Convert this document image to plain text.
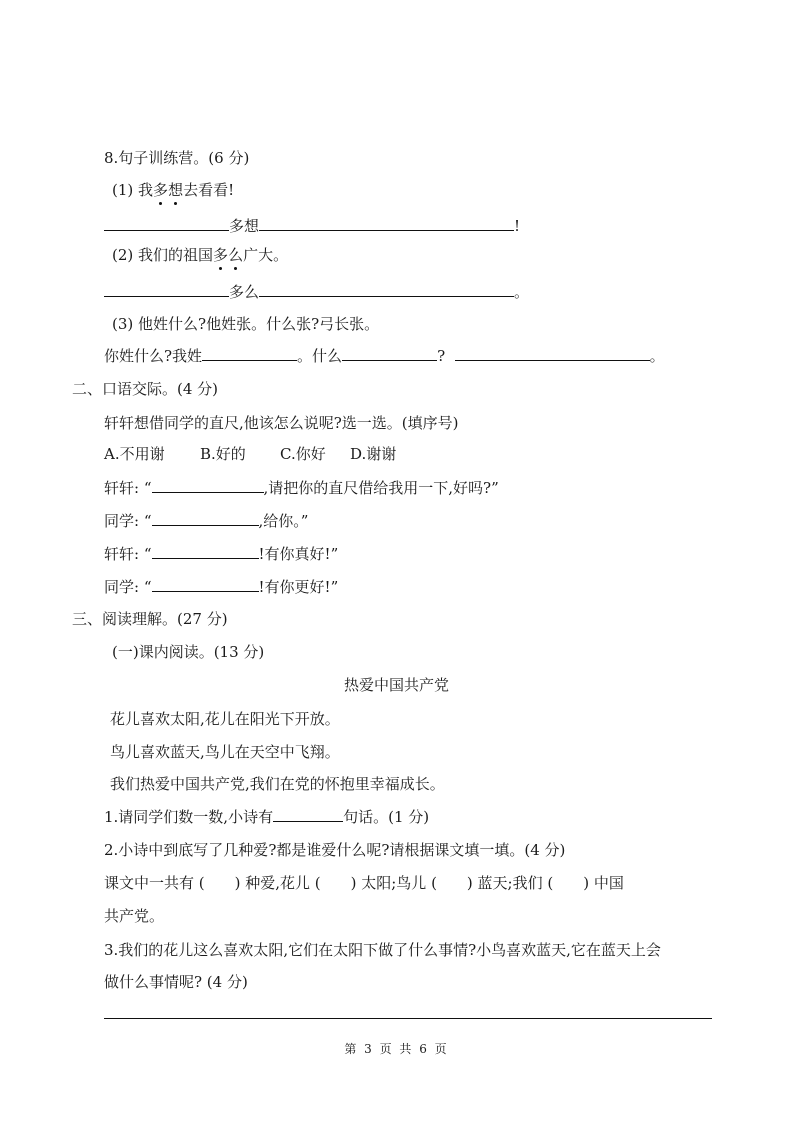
8.句子训练营。(6 分)
(1) 我多想去看看!
多想	!
(2) 我们的祖国多么广大。
多么	。
(3) 他姓什么?他姓张。什么张?弓长张。
你姓什么?我姓	。什么	?	。
二、口语交际。(4 分)
轩轩想借同学的直尺,他该怎么说呢?选一选。(填序号)
A.不用谢 B.好的 C.你好 D.谢谢
轩轩: “	,请把你的直尺借给我用一下,好吗?”
同学: “	,给你。”
轩轩: “	!有你真好!”
同学: “	!有你更好!”
三、阅读理解。(27 分)
(一)课内阅读。(13 分)
热爱中国共产党
花儿喜欢太阳,花儿在阳光下开放。
鸟儿喜欢蓝天,鸟儿在天空中飞翔。
我们热爱中国共产党,我们在党的怀抱里幸福成长。
1.请同学们数一数,小诗有	句话。(1 分)
2.小诗中到底写了几种爱?都是谁爱什么呢?请根据课文填一填。(4 分)
课文中一共有 (　　) 种爱,花儿 (　　) 太阳;鸟儿 (　　) 蓝天;我们 (　　) 中国
共产党。
3.我们的花儿这么喜欢太阳,它们在太阳下做了什么事情?小鸟喜欢蓝天,它在蓝天上会
做什么事情呢? (4 分)
第 3 页 共 6 页
